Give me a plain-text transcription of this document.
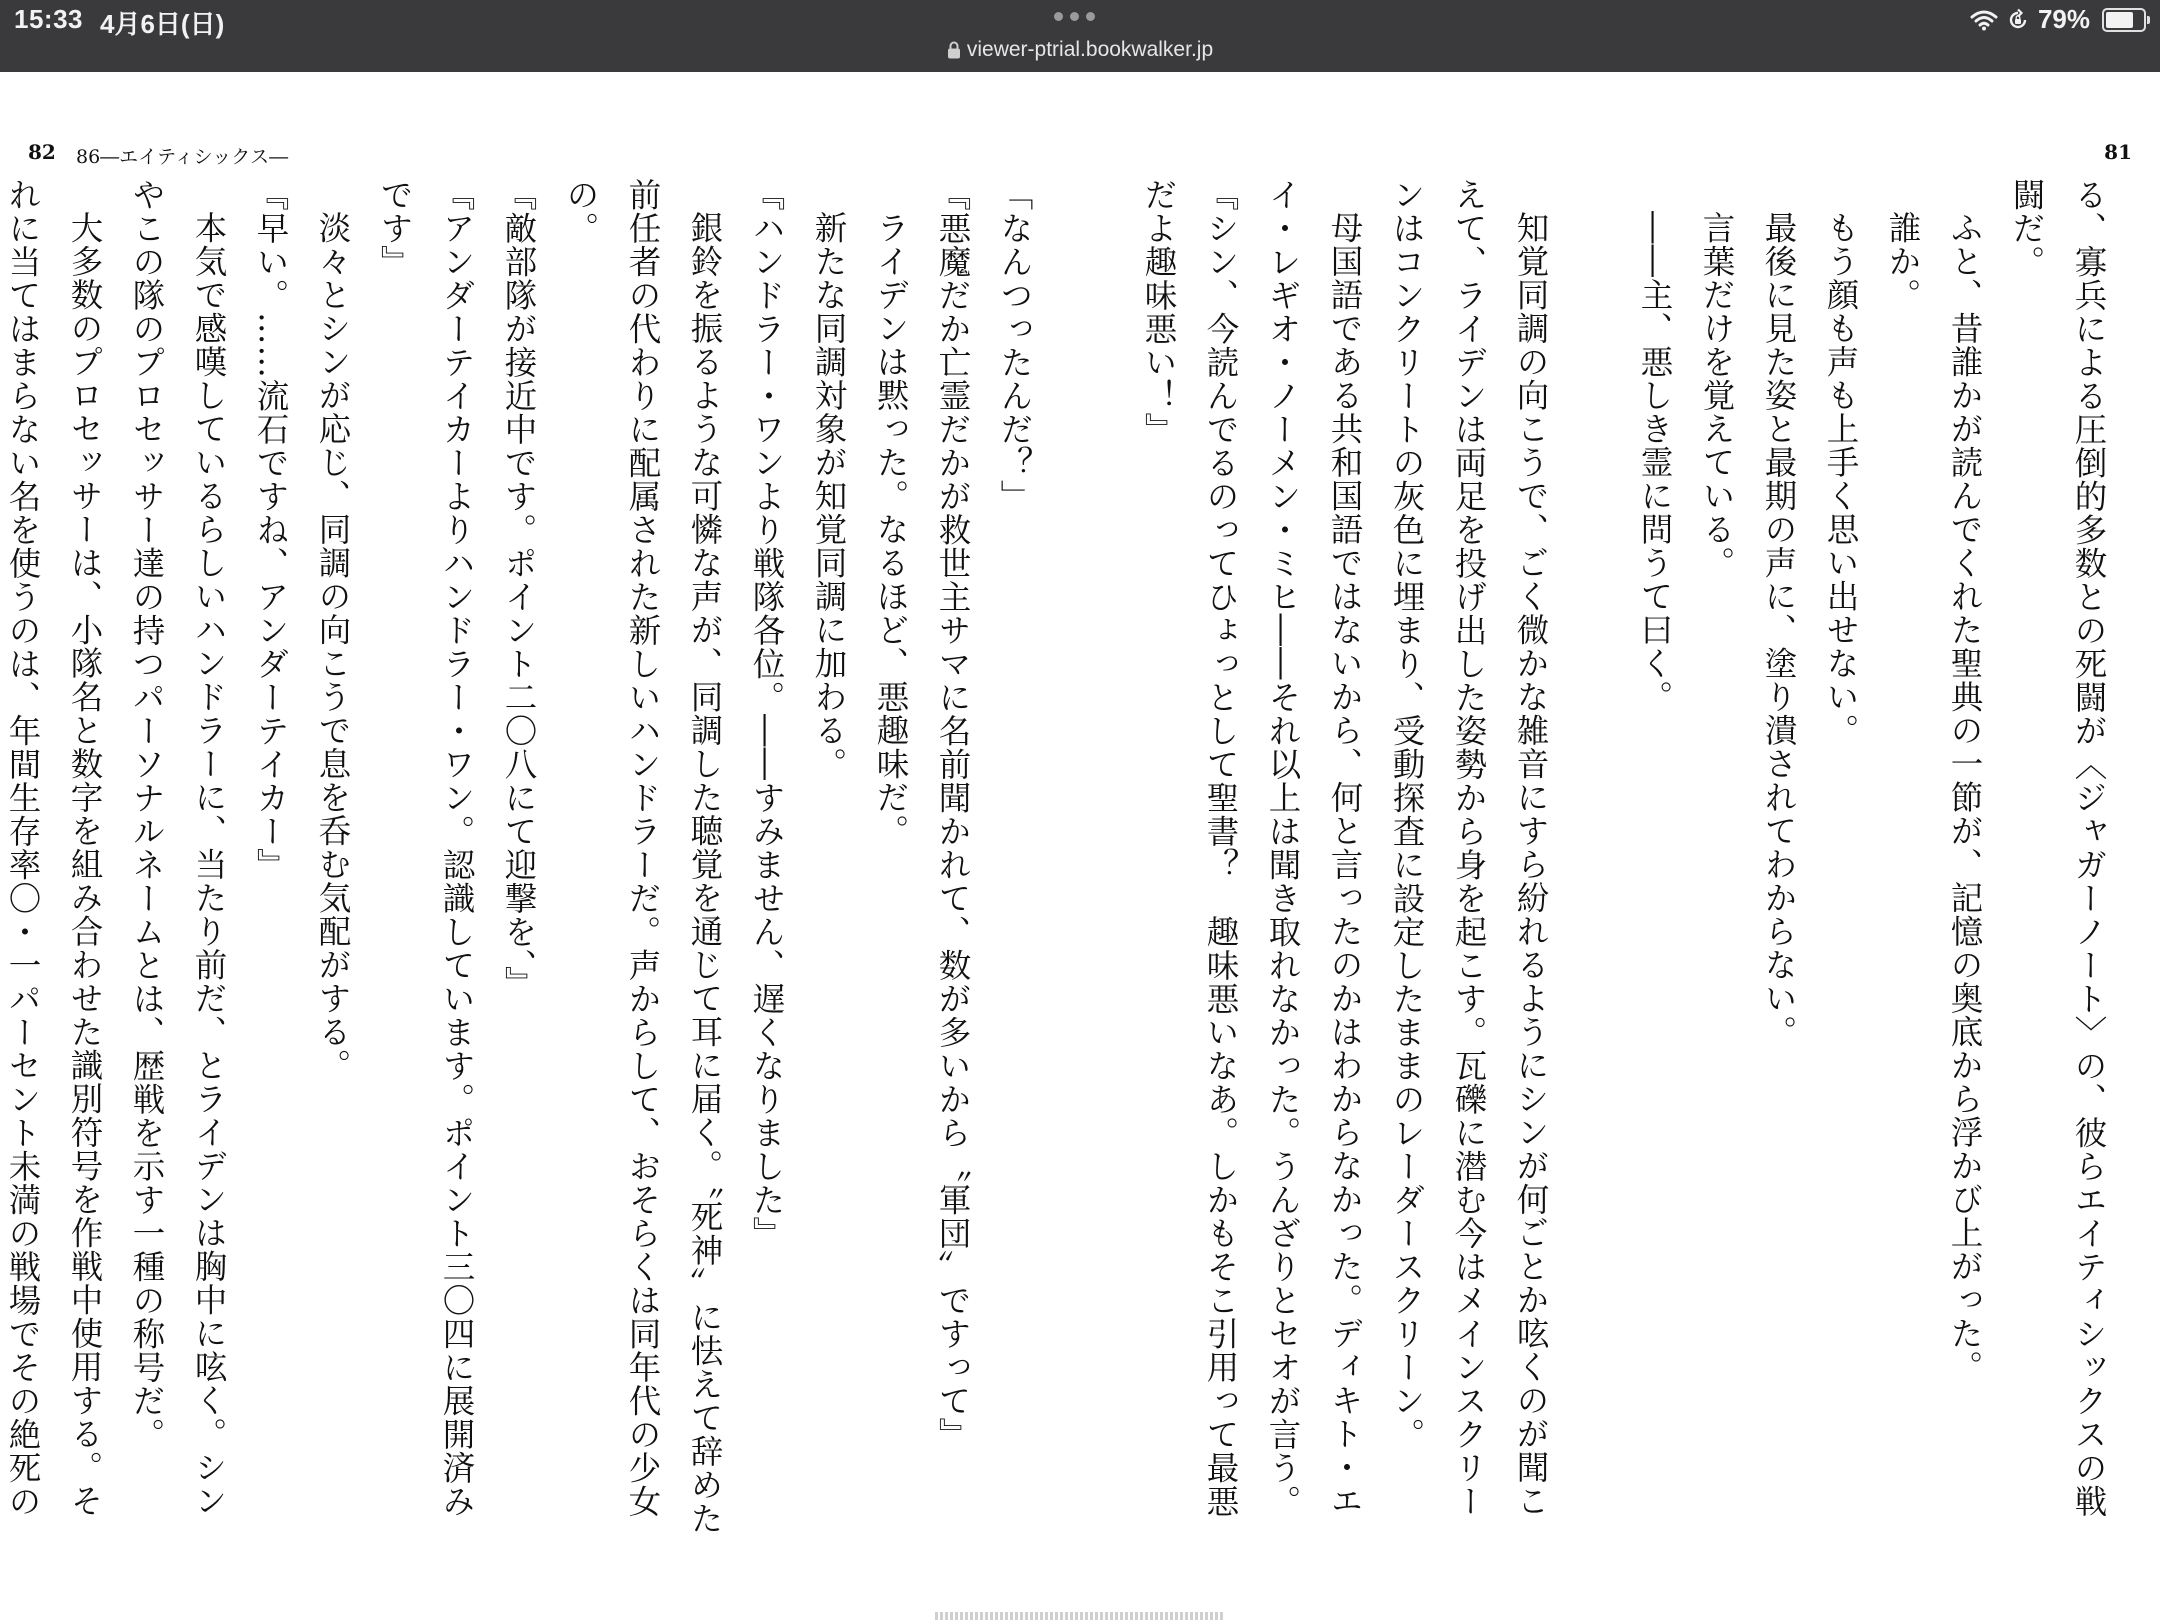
15:33 4月6日(日)	79%
viewer-ptrial.bookwalker.jp
82 86―エイティシックス―	81

る、寡兵による圧倒的多数との死闘が〈ジャガーノート〉の、彼らエイティシックスの戦闘だ。

ふと、昔誰かが読んでくれた聖典の一節が、記憶の奥底から浮かび上がった。

誰か。

もう顔も声も上手く思い出せない。

最後に見た姿と最期の声に、塗り潰されてわからない。

言葉だけを覚えている。

――主、悪しき霊に問うて曰く。

知覚同調の向こうで、ごく微かな雑音にすら紛れるようにシンが何ごとか呟くのが聞こえて、ライデンは両足を投げ出した姿勢から身を起こす。瓦礫に潜む今はメインスクリーンはコンクリートの灰色に埋まり、受動探査に設定したままのレーダースクリーン。

母国語である共和国語ではないから、何と言ったのかはわからなかった。ディキト・エイ・レギオ・ノーメン・ミヒ――それ以上は聞き取れなかった。うんざりとセオが言う。

『シン、今読んでるのってひょっとして聖書？　趣味悪いなあ。しかもそこ引用って最悪だよ趣味悪い！』

「なんつったんだ？」

『悪魔だか亡霊だかが救世主サマに名前聞かれて、数が多いから〝軍団〟ですって』

ライデンは黙った。なるほど、悪趣味だ。

新たな同調対象が知覚同調に加わる。

『ハンドラー・ワンより戦隊各位。――すみません、遅くなりました』

銀鈴を振るような可憐な声が、同調した聴覚を通じて耳に届く。〝死神〟に怯えて辞めた前任者の代わりに配属された新しいハンドラーだ。声からして、おそらくは同年代の少女の。

『敵部隊が接近中です。ポイント二〇八にて迎撃を、』

『アンダーテイカーよりハンドラー・ワン。認識しています。ポイント三〇四に展開済みです』

淡々とシンが応じ、同調の向こうで息を呑む気配がする。

『早い。……流石ですね、アンダーテイカー』

本気で感嘆しているらしいハンドラーに、当たり前だ、とライデンは胸中に呟く。シンやこの隊のプロセッサー達の持つパーソナルネームとは、歴戦を示す一種の称号だ。

大多数のプロセッサーは、小隊名と数字を組み合わせた識別符号を作戦中使用する。それに当てはまらない名を使うのは、年間生存率〇・一パーセント未満の戦場でその絶死の
